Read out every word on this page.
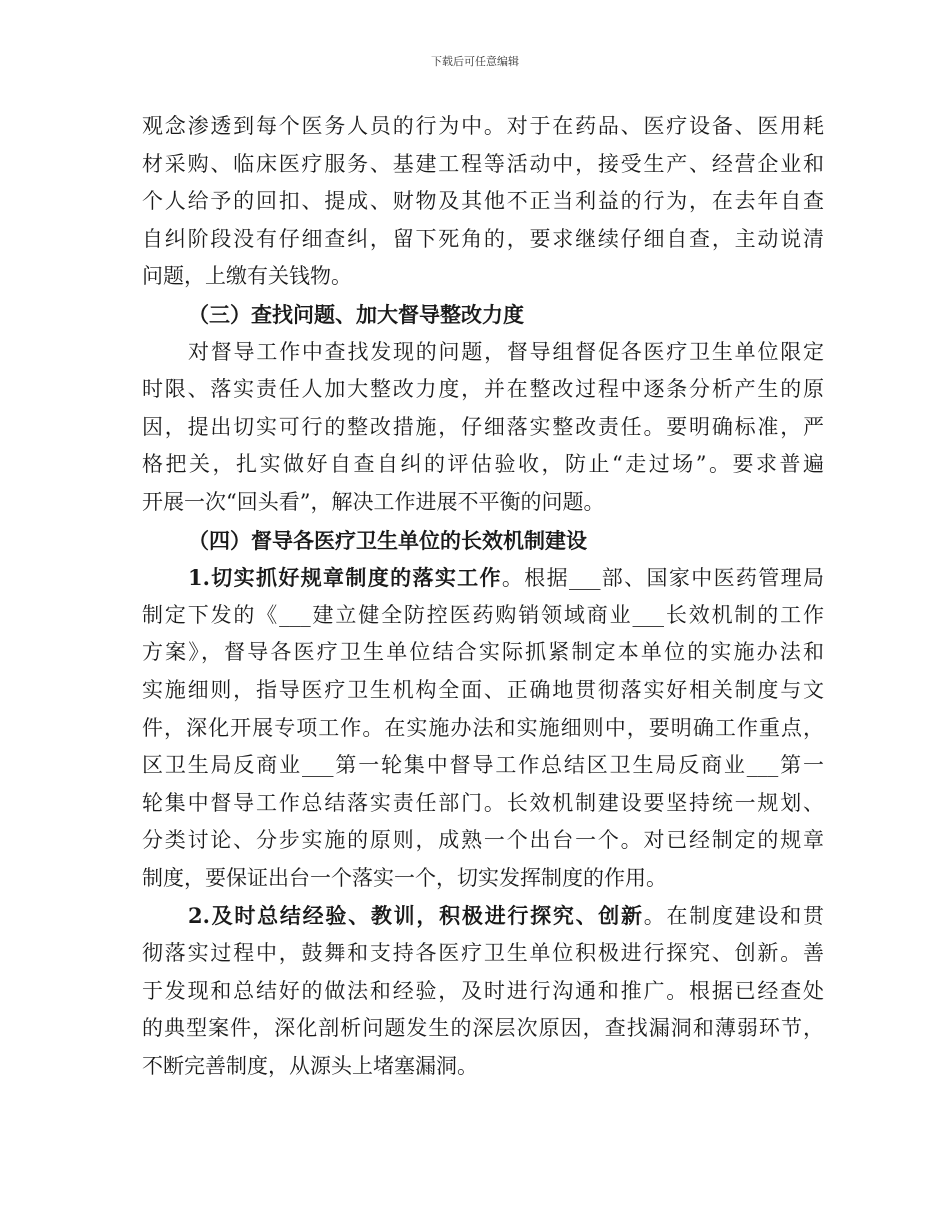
下载后可任意编辑
观念渗透到每个医务人员的行为中。对于在药品、医疗设备、医用耗
材采购、临床医疗服务、基建工程等活动中，接受生产、经营企业和
个人给予的回扣、提成、财物及其他不正当利益的行为，在去年自查
自纠阶段没有仔细查纠，留下死角的，要求继续仔细自查，主动说清
问题，上缴有关钱物。
（三）查找问题、加大督导整改力度
对督导工作中查找发现的问题，督导组督促各医疗卫生单位限定
时限、落实责任人加大整改力度，并在整改过程中逐条分析产生的原
因，提出切实可行的整改措施，仔细落实整改责任。要明确标准，严
格把关，扎实做好自查自纠的评估验收，防止“走过场”。要求普遍
开展一次“回头看”，解决工作进展不平衡的问题。
（四）督导各医疗卫生单位的长效机制建设
1.切实抓好规章制度的落实工作。根据___部、国家中医药管理局
制定下发的《___建立健全防控医药购销领域商业___长效机制的工作
方案》，督导各医疗卫生单位结合实际抓紧制定本单位的实施办法和
实施细则，指导医疗卫生机构全面、正确地贯彻落实好相关制度与文
件，深化开展专项工作。在实施办法和实施细则中，要明确工作重点，
区卫生局反商业___第一轮集中督导工作总结区卫生局反商业___第一
轮集中督导工作总结落实责任部门。长效机制建设要坚持统一规划、
分类讨论、分步实施的原则，成熟一个出台一个。对已经制定的规章
制度，要保证出台一个落实一个，切实发挥制度的作用。
2.及时总结经验、教训，积极进行探究、创新。在制度建设和贯
彻落实过程中，鼓舞和支持各医疗卫生单位积极进行探究、创新。善
于发现和总结好的做法和经验，及时进行沟通和推广。根据已经查处
的典型案件，深化剖析问题发生的深层次原因，查找漏洞和薄弱环节，
不断完善制度，从源头上堵塞漏洞。
